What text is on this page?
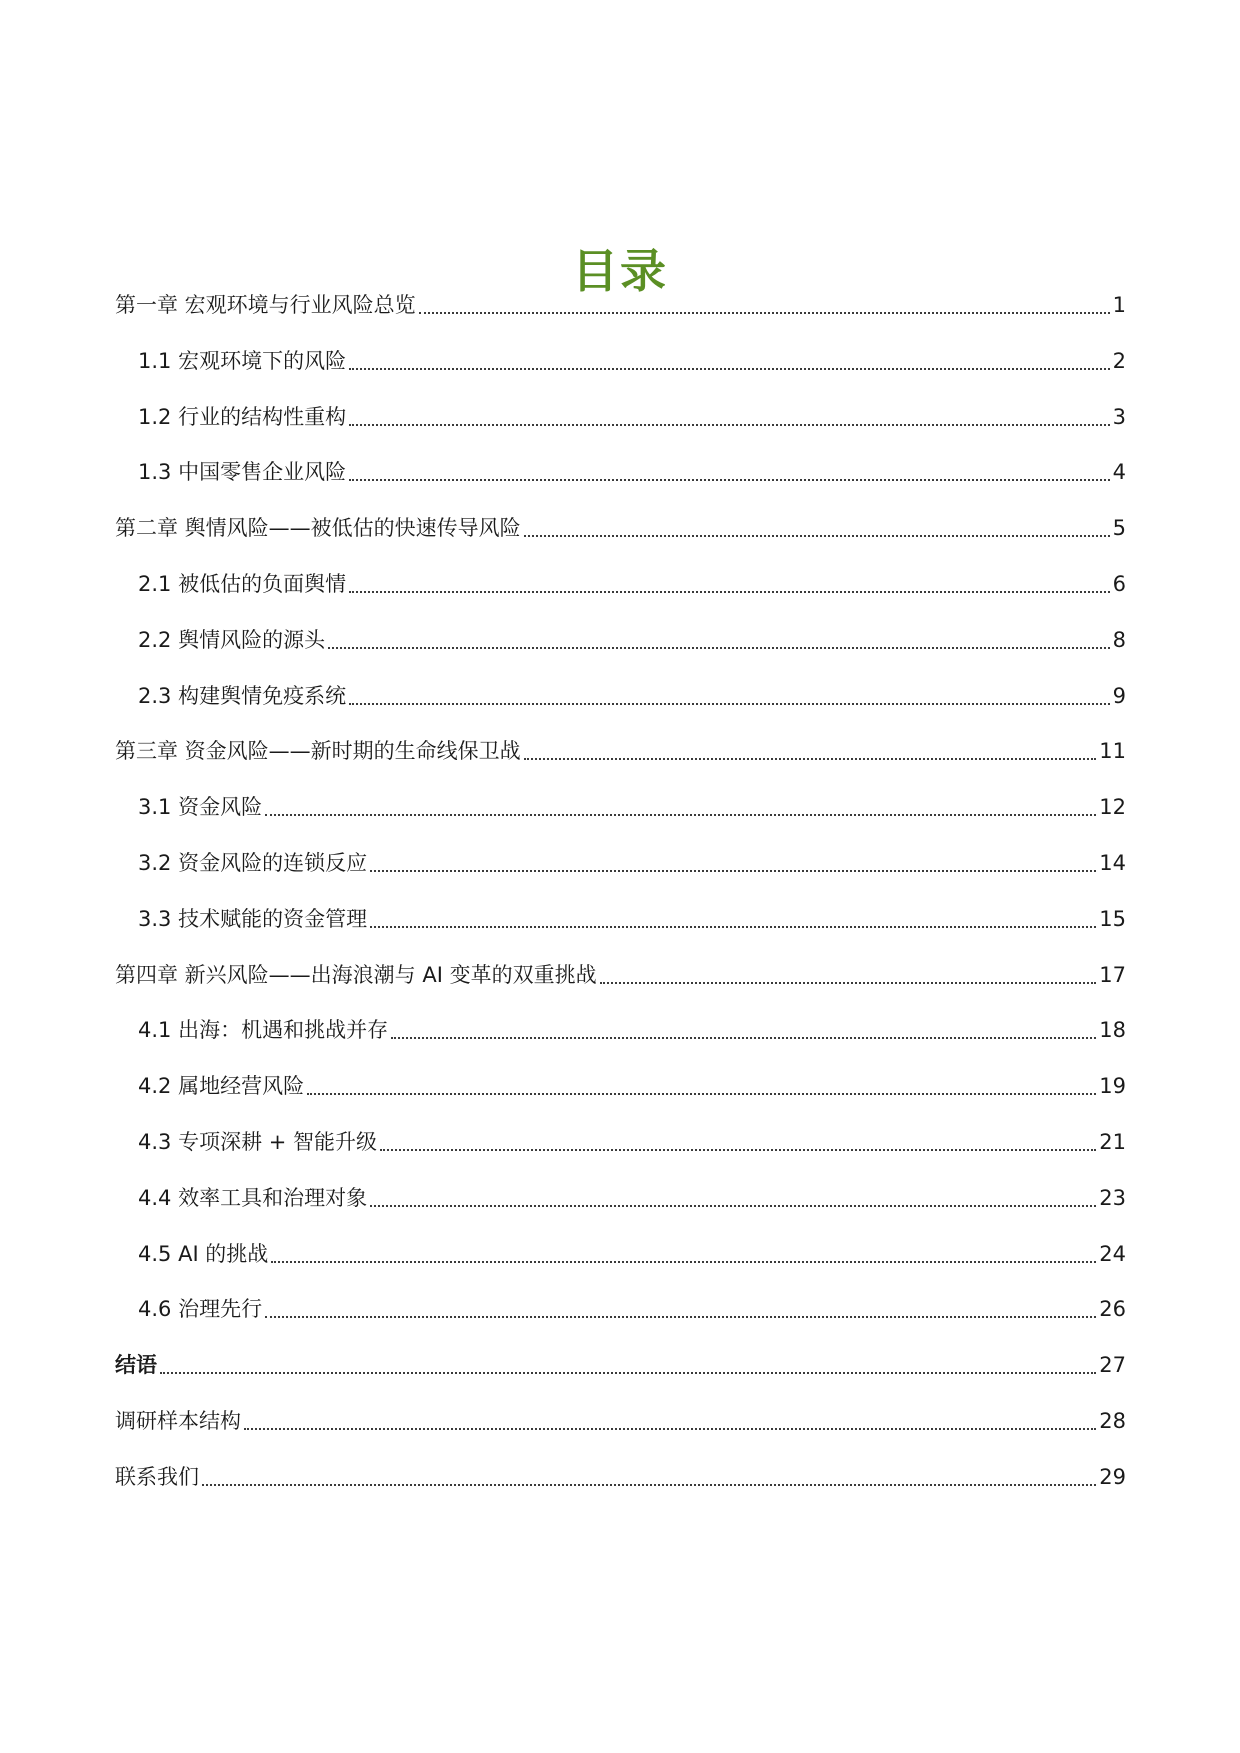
目录
第一章 宏观环境与行业风险总览	1
1.1 宏观环境下的风险	2
1.2 行业的结构性重构	3
1.3 中国零售企业风险	4
第二章 舆情风险——被低估的快速传导风险	5
2.1 被低估的负面舆情	6
2.2 舆情风险的源头	8
2.3 构建舆情免疫系统	9
第三章 资金风险——新时期的生命线保卫战	11
3.1 资金风险	12
3.2 资金风险的连锁反应	14
3.3 技术赋能的资金管理	15
第四章 新兴风险——出海浪潮与 AI 变革的双重挑战	17
4.1 出海：机遇和挑战并存	18
4.2 属地经营风险	19
4.3 专项深耕 + 智能升级	21
4.4 效率工具和治理对象	23
4.5 AI 的挑战	24
4.6 治理先行	26
结语	27
调研样本结构	28
联系我们	29
